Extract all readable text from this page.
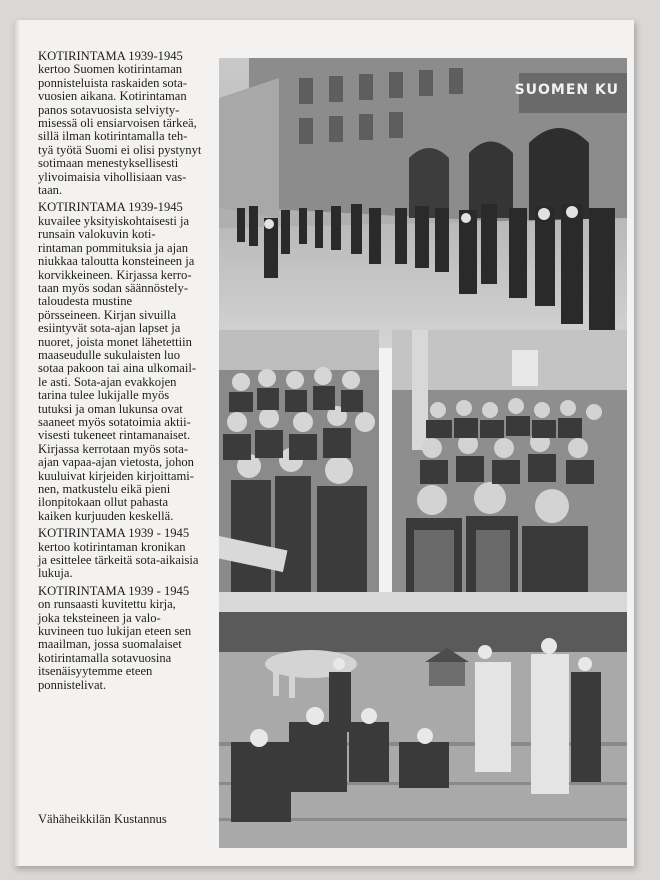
KOTIRINTAMA 1939-1945
kertoo Suomen kotirintaman
ponnisteluista raskaiden sota-
vuosien aikana. Kotirintaman
panos sotavuosista selviyty-
misessä oli ensiarvoisen tärkeä,
sillä ilman kotirintamalla teh-
tyä työtä Suomi ei olisi pystynyt
sotimaan menestyksellisesti
ylivoimaisia vihollisiaan vas-
taan.

KOTIRINTAMA 1939-1945
kuvailee yksityiskohtaisesti ja
runsain valokuvin koti-
rintaman pommituksia ja ajan
niukkaa taloutta konsteineen ja
korvikkeineen. Kirjassa kerro-
taan myös sodan säännöstely-
taloudesta mustine
pörsseineen. Kirjan sivuilla
esiintyvät sota-ajan lapset ja
nuoret, joista monet lähetettiin
maaseudulle sukulaisten luo
sotaa pakoon tai aina ulkomail-
le asti. Sota-ajan evakkojen
tarina tulee lukijalle myös
tutuksi ja oman lukunsa ovat
saaneet myös sotatoimia aktii-
visesti tukeneet rintamanaiset.
Kirjassa kerrotaan myös sota-
ajan vapaa-ajan vietosta, johon
kuuluivat kirjeiden kirjoittami-
nen, matkustelu eikä pieni
ilonpitokaan ollut pahasta
kaiken kurjuuden keskellä.

KOTIRINTAMA 1939 - 1945
kertoo kotirintaman kronikan
ja esittelee tärkeitä sota-aikaisia
lukuja.

KOTIRINTAMA 1939 - 1945
on runsaasti kuvitettu kirja,
joka teksteineen ja valo-
kuvineen tuo lukijan eteen sen
maailman, jossa suomalaiset
kotirintamalla sotavuosina
itsenäisyytemme eteen
ponnistelivat.

Vähäheikkilän Kustannus
SUOMEN KU
